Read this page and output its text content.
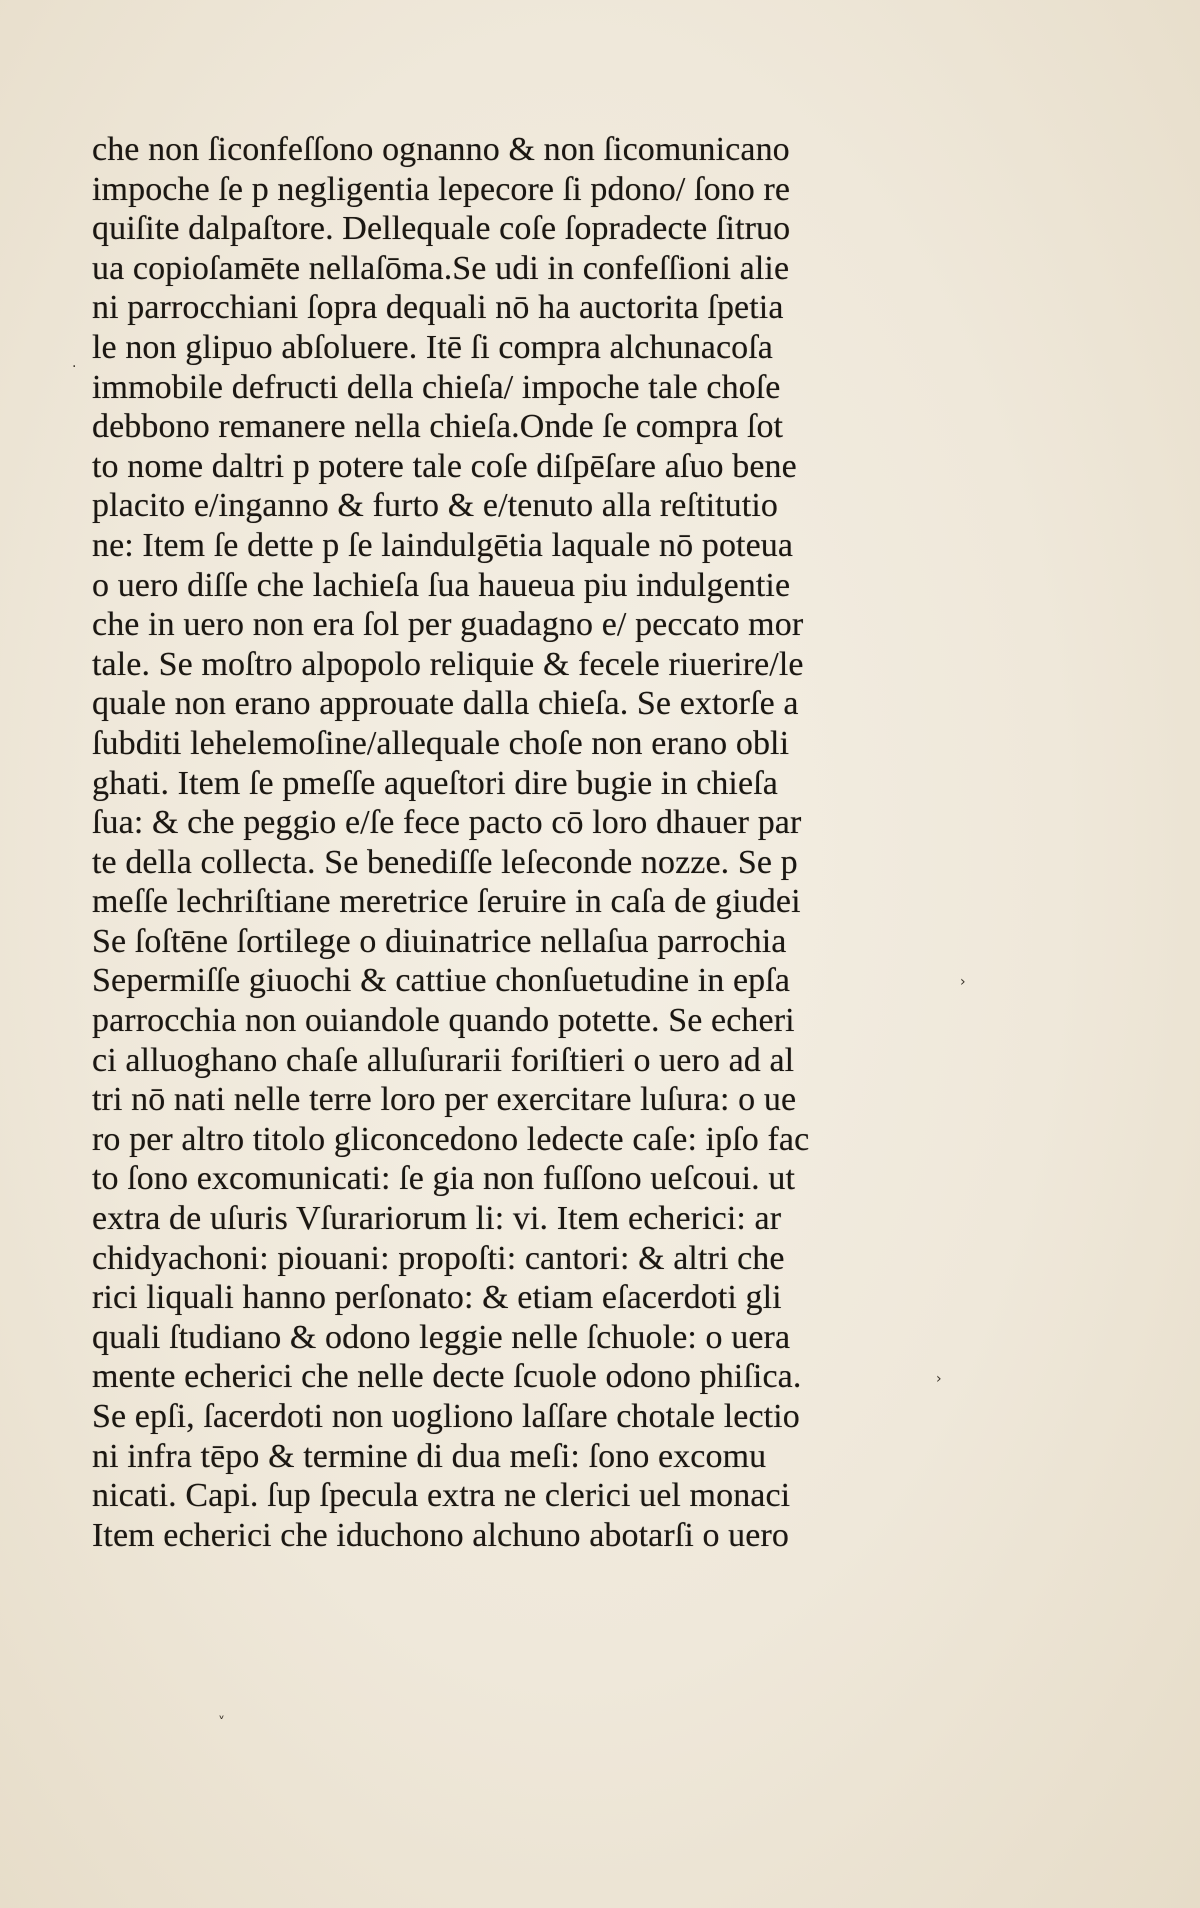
che non ſiconfeſſono ognanno & non ſicomunicano
impoche ſe p negligentia lepecore ſi pdono/ ſono re
quiſite dalpaſtore. Dellequale coſe ſopradecte ſitruo
ua copioſamēte nellaſōma.Se udi in confeſſioni alie
ni parrocchiani ſopra dequali nō ha auctorita ſpetia
le non glipuo abſoluere. Itē ſi compra alchunacoſa
immobile defructi della chieſa/ impoche tale choſe
debbono remanere nella chieſa.Onde ſe compra ſot
to nome daltri p potere tale coſe diſpēſare aſuo bene
placito e/inganno & furto & e/tenuto alla reſtitutio
ne: Item ſe dette p ſe laindulgētia laquale nō poteua
o uero diſſe che lachieſa ſua haueua piu indulgentie
che in uero non era ſol per guadagno e/ peccato mor
tale. Se moſtro alpopolo reliquie & fecele riuerire/le
quale non erano approuate dalla chieſa. Se extorſe a
ſubditi lehelemoſine/allequale choſe non erano obli
ghati. Item ſe pmeſſe aqueſtori dire bugie in chieſa
ſua: & che peggio e/ſe fece pacto cō loro dhauer par
te della collecta. Se benediſſe leſeconde nozze. Se p
meſſe lechriſtiane meretrice ſeruire in caſa de giudei
Se ſoſtēne ſortilege o diuinatrice nellaſua parrochia
Sepermiſſe giuochi & cattiue chonſuetudine in epſa
parrocchia non ouiandole quando potette. Se echeri
ci alluoghano chaſe alluſurarii foriſtieri o uero ad al
tri nō nati nelle terre loro per exercitare luſura: o ue
ro per altro titolo gliconcedono ledecte caſe: ipſo fac
to ſono excomunicati: ſe gia non fuſſono ueſcoui. ut
extra de uſuris Vſurariorum li: vi. Item echerici: ar
chidyachoni: piouani: propoſti: cantori: & altri che
rici liquali hanno perſonato: & etiam eſacerdoti gli
quali ſtudiano & odono leggie nelle ſchuole: o uera
mente echerici che nelle decte ſcuole odono phiſica.
Se epſi, ſacerdoti non uogliono laſſare chotale lectio
ni infra tēpo & termine di dua meſi: ſono excomu
nicati. Capi. ſup ſpecula extra ne clerici uel monaci
Item echerici che iduchono alchuno abotarſi o uero
.
›
›
˅
